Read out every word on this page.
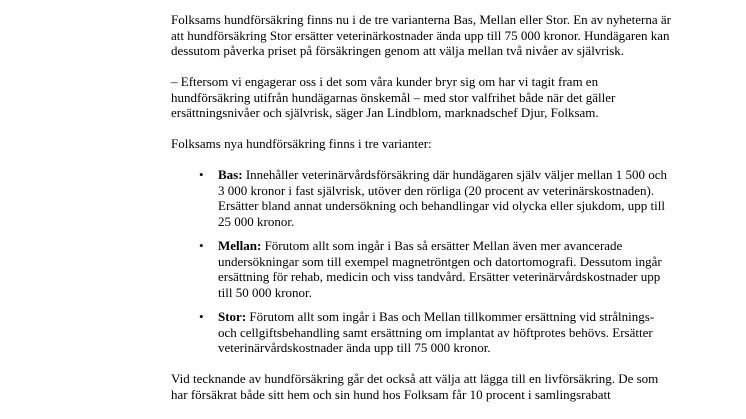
Folksams hundförsäkring finns nu i de tre varianterna Bas, Mellan eller Stor. En av nyheterna är att hundförsäkring Stor ersätter veterinärkostnader ända upp till 75 000 kronor. Hundägaren kan dessutom påverka priset på försäkringen genom att välja mellan två nivåer av självrisk.

– Eftersom vi engagerar oss i det som våra kunder bryr sig om har vi tagit fram en hundförsäkring utifrån hundägarnas önskemål – med stor valfrihet både när det gäller ersättningsnivåer och självrisk, säger Jan Lindblom, marknadschef Djur, Folksam.

Folksams nya hundförsäkring finns i tre varianter:

• Bas: Innehåller veterinärvårdsförsäkring där hundägaren själv väljer mellan 1 500 och 3 000 kronor i fast självrisk, utöver den rörliga (20 procent av veterinärskostnaden). Ersätter bland annat undersökning och behandlingar vid olycka eller sjukdom, upp till 25 000 kronor.
• Mellan: Förutom allt som ingår i Bas så ersätter Mellan även mer avancerade undersökningar som till exempel magnetröntgen och datortomografi. Dessutom ingår ersättning för rehab, medicin och viss tandvård. Ersätter veterinärvårdskostnader upp till 50 000 kronor.
• Stor: Förutom allt som ingår i Bas och Mellan tillkommer ersättning vid strålnings- och cellgiftsbehandling samt ersättning om implantat av höftprotes behövs. Ersätter veterinärvårdskostnader ända upp till 75 000 kronor.

Vid tecknande av hundförsäkring går det också att välja att lägga till en livförsäkring. De som har försäkrat både sitt hem och sin hund hos Folksam får 10 procent i samlingsrabatt
